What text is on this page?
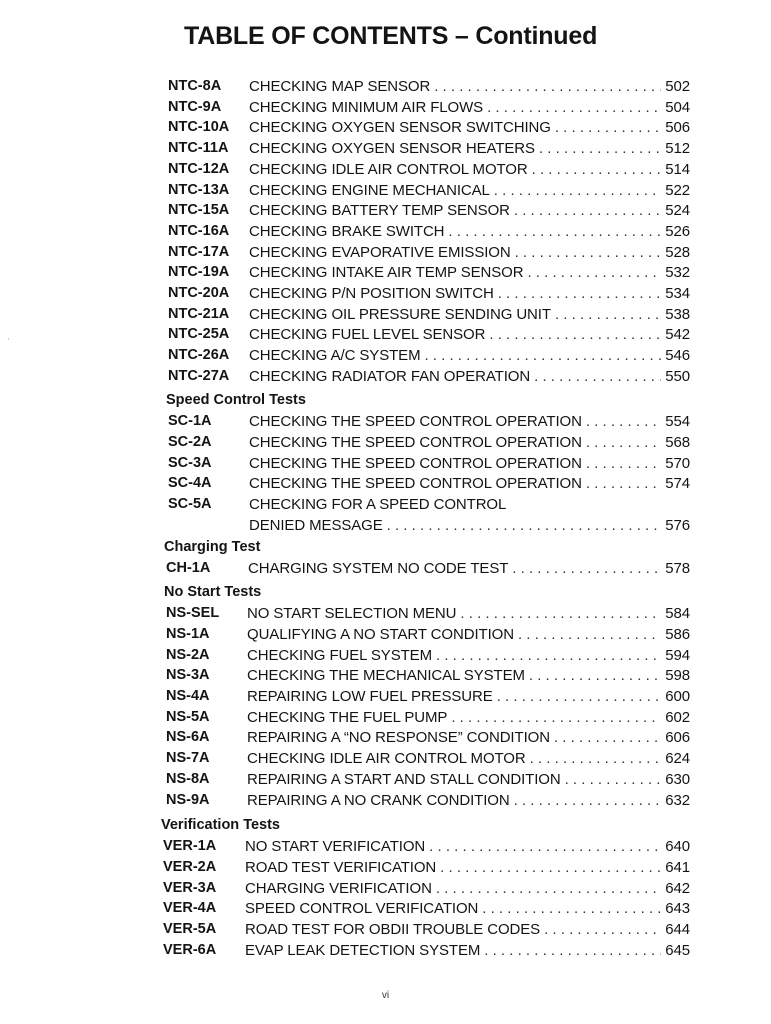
TABLE OF CONTENTS – Continued
NTC-8A CHECKING MAP SENSOR . . .	502
NTC-9A CHECKING MINIMUM AIR FLOWS . . .	504
NTC-10A CHECKING OXYGEN SENSOR SWITCHING . . .	506
NTC-11A CHECKING OXYGEN SENSOR HEATERS . . .	512
NTC-12A CHECKING IDLE AIR CONTROL MOTOR . . .	514
NTC-13A CHECKING ENGINE MECHANICAL . . .	522
NTC-15A CHECKING BATTERY TEMP SENSOR . . .	524
NTC-16A CHECKING BRAKE SWITCH . . .	526
NTC-17A CHECKING EVAPORATIVE EMISSION . . .	528
NTC-19A CHECKING INTAKE AIR TEMP SENSOR . . .	532
NTC-20A CHECKING P/N POSITION SWITCH . . .	534
NTC-21A CHECKING OIL PRESSURE SENDING UNIT . . .	538
NTC-25A CHECKING FUEL LEVEL SENSOR . . .	542
NTC-26A CHECKING A/C SYSTEM . . .	546
NTC-27A CHECKING RADIATOR FAN OPERATION . . .	550
Speed Control Tests
SC-1A CHECKING THE SPEED CONTROL OPERATION . . .	554
SC-2A CHECKING THE SPEED CONTROL OPERATION . . .	568
SC-3A CHECKING THE SPEED CONTROL OPERATION . . .	570
SC-4A CHECKING THE SPEED CONTROL OPERATION . . .	574
SC-5A CHECKING FOR A SPEED CONTROL
DENIED MESSAGE . . .	576
Charging Test
CH-1A	CHARGING SYSTEM NO CODE TEST . . .	578
No Start Tests
NS-SEL NO START SELECTION MENU . . .	584
NS-1A QUALIFYING A NO START CONDITION . . .	586
NS-2A CHECKING FUEL SYSTEM . . .	594
NS-3A CHECKING THE MECHANICAL SYSTEM . . .	598
NS-4A REPAIRING LOW FUEL PRESSURE . . .	600
NS-5A CHECKING THE FUEL PUMP . . .	602
NS-6A REPAIRING A “NO RESPONSE” CONDITION . . .	606
NS-7A CHECKING IDLE AIR CONTROL MOTOR . . .	624
NS-8A REPAIRING A START AND STALL CONDITION . . .	630
NS-9A REPAIRING A NO CRANK CONDITION . . .	632
Verification Tests
VER-1A NO START VERIFICATION . . .	640
VER-2A ROAD TEST VERIFICATION . . .	641
VER-3A CHARGING VERIFICATION . . .	642
VER-4A SPEED CONTROL VERIFICATION . . .	643
VER-5A ROAD TEST FOR OBDII TROUBLE CODES . . .	644
VER-6A EVAP LEAK DETECTION SYSTEM . . .	645
vi
